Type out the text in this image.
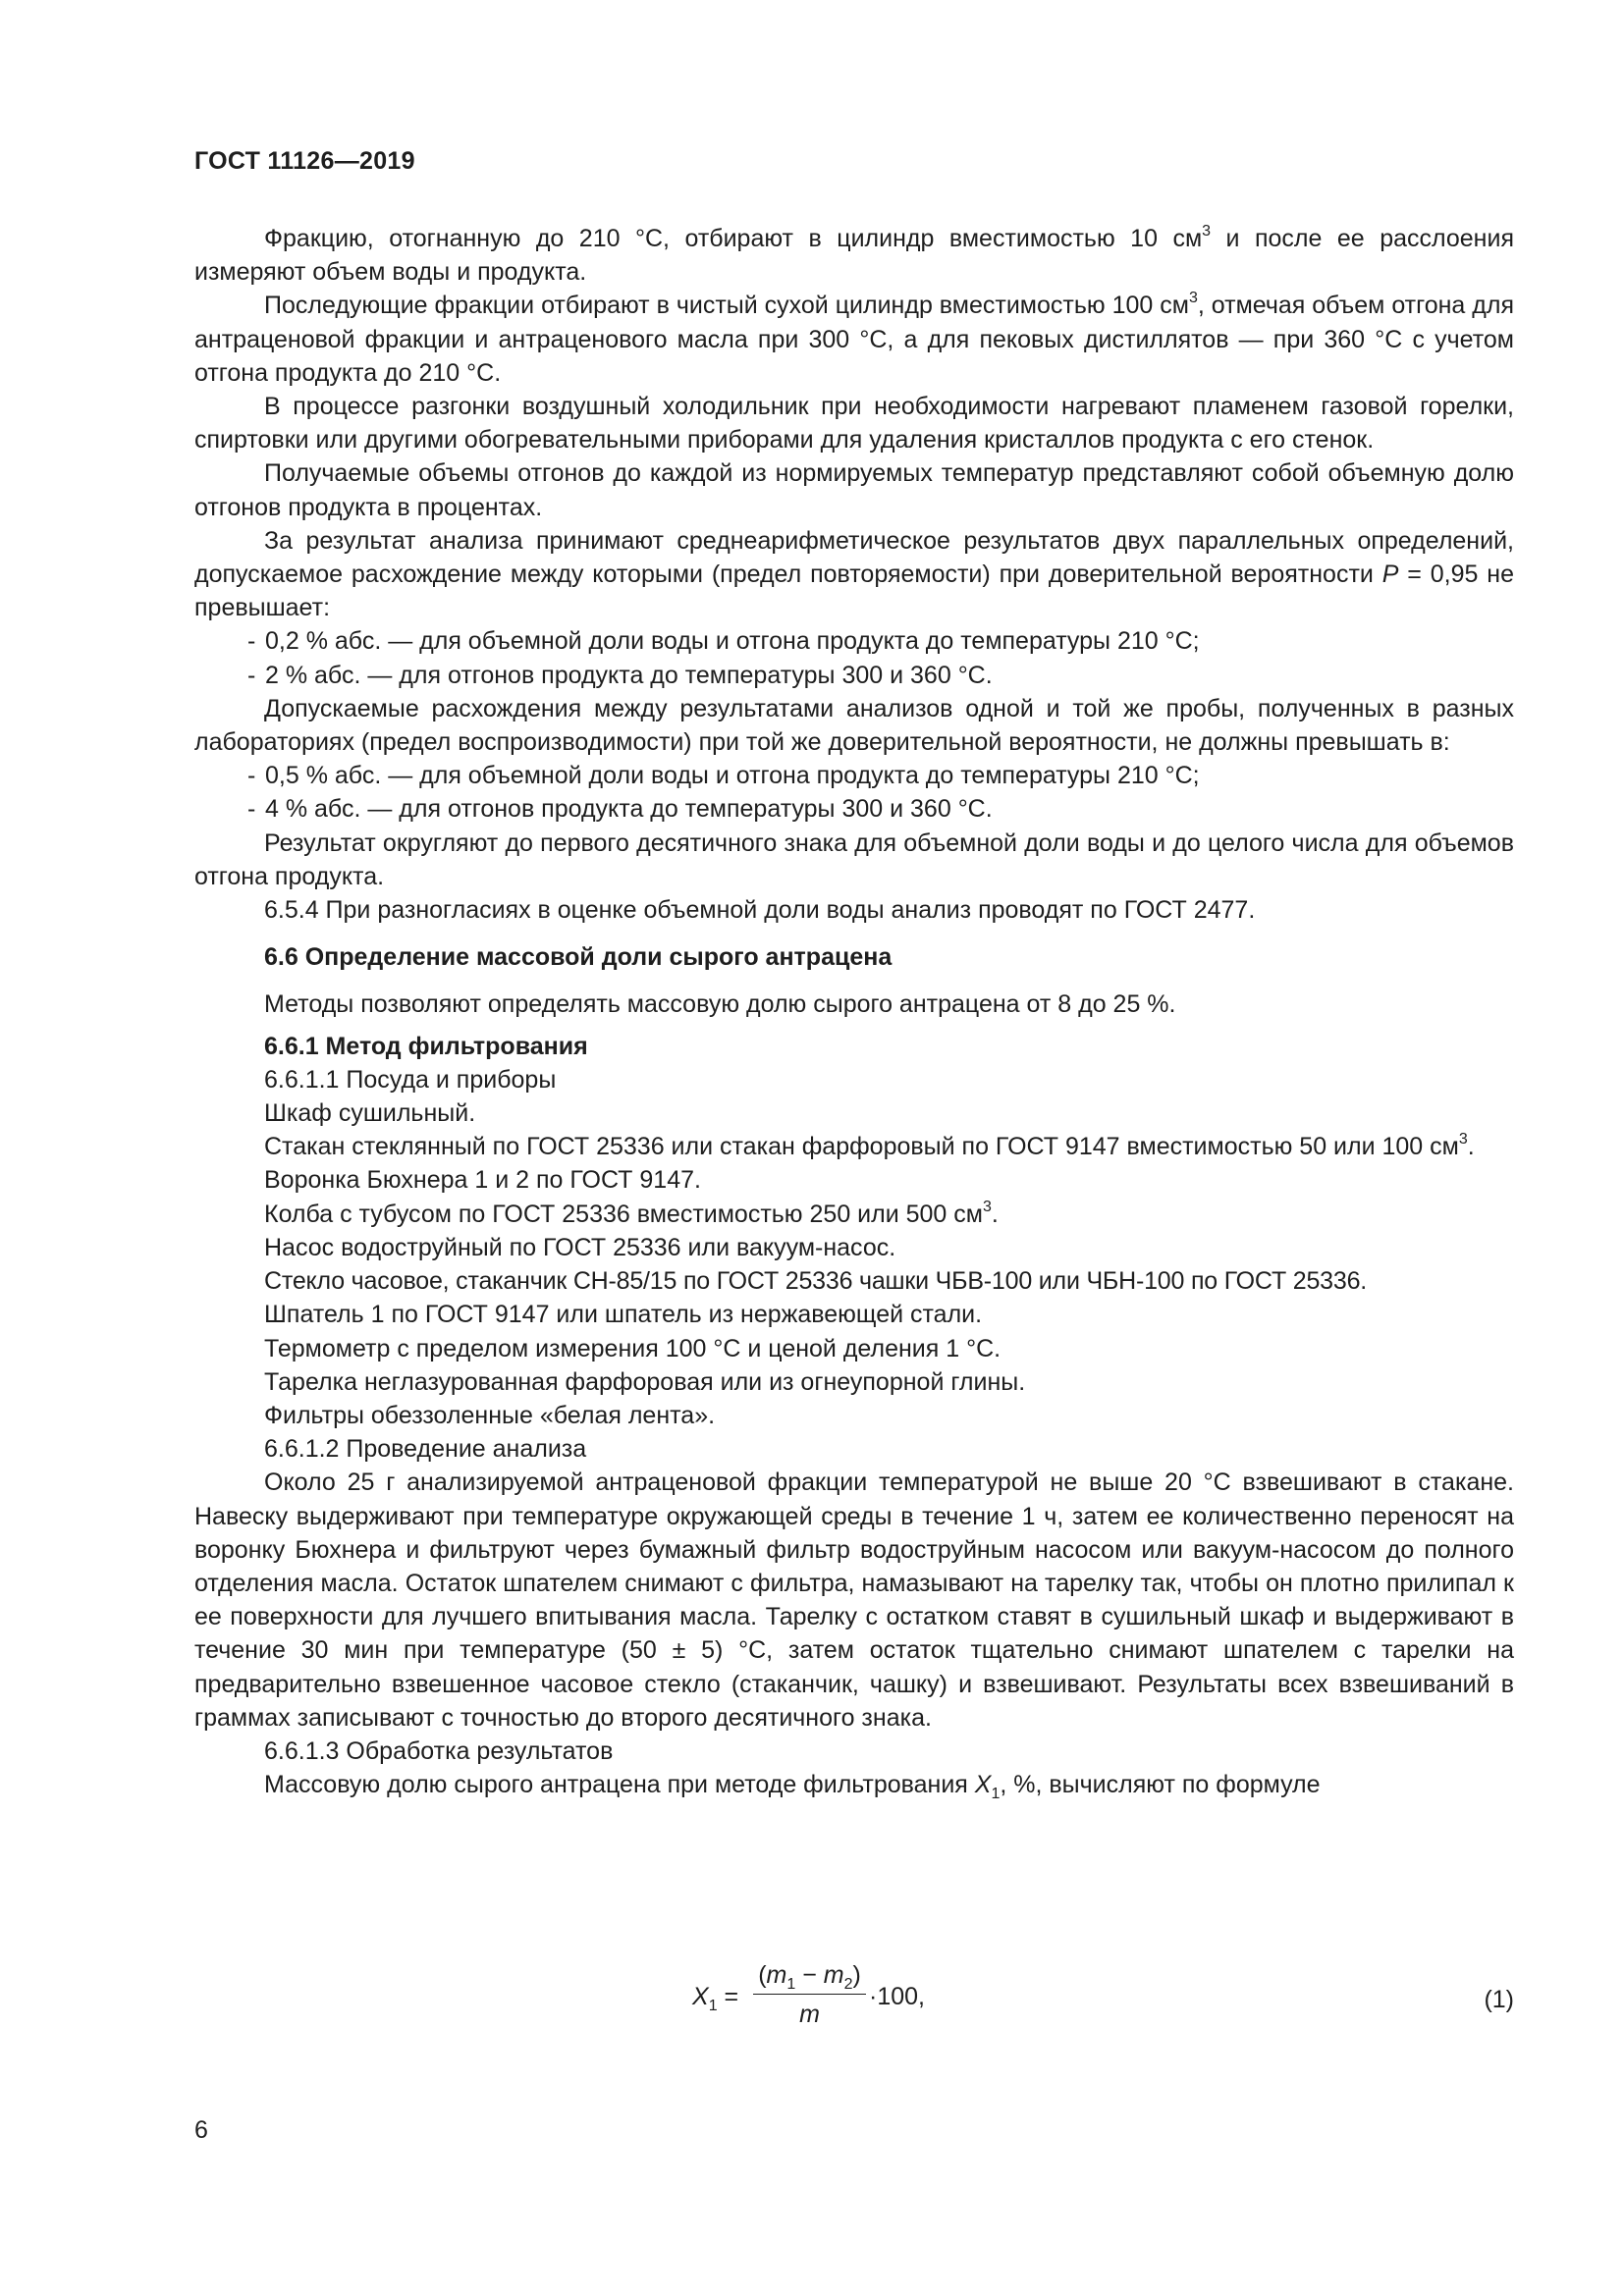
ГОСТ 11126—2019

Фракцию, отогнанную до 210 °С, отбирают в цилиндр вместимостью 10 $см^3$ и после ее расслоения измеряют объем воды и продукта.

Последующие фракции отбирают в чистый сухой цилиндр вместимостью 100 $см^3$, отмечая объем отгона для антраценовой фракции и антраценового масла при 300 °С, а для пековых дистиллятов — при 360 °С с учетом отгона продукта до 210 °С.

В процессе разгонки воздушный холодильник при необходимости нагревают пламенем газовой горелки, спиртовки или другими обогревательными приборами для удаления кристаллов продукта с его стенок.

Получаемые объемы отгонов до каждой из нормируемых температур представляют собой объемную долю отгонов продукта в процентах.

За результат анализа принимают среднеарифметическое результатов двух параллельных определений, допускаемое расхождение между которыми (предел повторяемости) при доверительной вероятности P = 0,95 не превышает:

- 0,2 % абс. — для объемной доли воды и отгона продукта до температуры 210 °С;

- 2 % абс. — для отгонов продукта до температуры 300 и 360 °С.

Допускаемые расхождения между результатами анализов одной и той же пробы, полученных в разных лабораториях (предел воспроизводимости) при той же доверительной вероятности, не должны превышать в:

- 0,5 % абс. — для объемной доли воды и отгона продукта до температуры 210 °С;

- 4 % абс. — для отгонов продукта до температуры 300 и 360 °С.

Результат округляют до первого десятичного знака для объемной доли воды и до целого числа для объемов отгона продукта.

6.5.4 При разногласиях в оценке объемной доли воды анализ проводят по ГОСТ 2477.

6.6 Определение массовой доли сырого антрацена

Методы позволяют определять массовую долю сырого антрацена от 8 до 25 %.

6.6.1 Метод фильтрования

6.6.1.1 Посуда и приборы

Шкаф сушильный.

Стакан стеклянный по ГОСТ 25336 или стакан фарфоровый по ГОСТ 9147 вместимостью 50 или 100 $см^3$.

Воронка Бюхнера 1 и 2 по ГОСТ 9147.

Колба с тубусом по ГОСТ 25336 вместимостью 250 или 500 $см^3$.

Насос водоструйный по ГОСТ 25336 или вакуум-насос.

Стекло часовое, стаканчик СН-85/15 по ГОСТ 25336 чашки ЧБВ-100 или ЧБН-100 по ГОСТ 25336.

Шпатель 1 по ГОСТ 9147 или шпатель из нержавеющей стали.

Термометр с пределом измерения 100 °С и ценой деления 1 °С.

Тарелка неглазурованная фарфоровая или из огнеупорной глины.

Фильтры обеззоленные «белая лента».

6.6.1.2 Проведение анализа

Около 25 г анализируемой антраценовой фракции температурой не выше 20 °С взвешивают в стакане. Навеску выдерживают при температуре окружающей среды в течение 1 ч, затем ее количественно переносят на воронку Бюхнера и фильтруют через бумажный фильтр водоструйным насосом или вакуум-насосом до полного отделения масла. Остаток шпателем снимают с фильтра, намазывают на тарелку так, чтобы он плотно прилипал к ее поверхности для лучшего впитывания масла. Тарелку с остатком ставят в сушильный шкаф и выдерживают в течение 30 мин при температуре (50 ± 5) °С, затем остаток тщательно снимают шпателем с тарелки на предварительно взвешенное часовое стекло (стаканчик, чашку) и взвешивают. Результаты всех взвешиваний в граммах записывают с точностью до второго десятичного знака.

6.6.1.3 Обработка результатов

Массовую долю сырого антрацена при методе фильтрования $X_1$, %, вычисляют по формуле

$X_1 = \frac{(m_1 - m_2)}{m} \cdot 100$,	(1)
6
